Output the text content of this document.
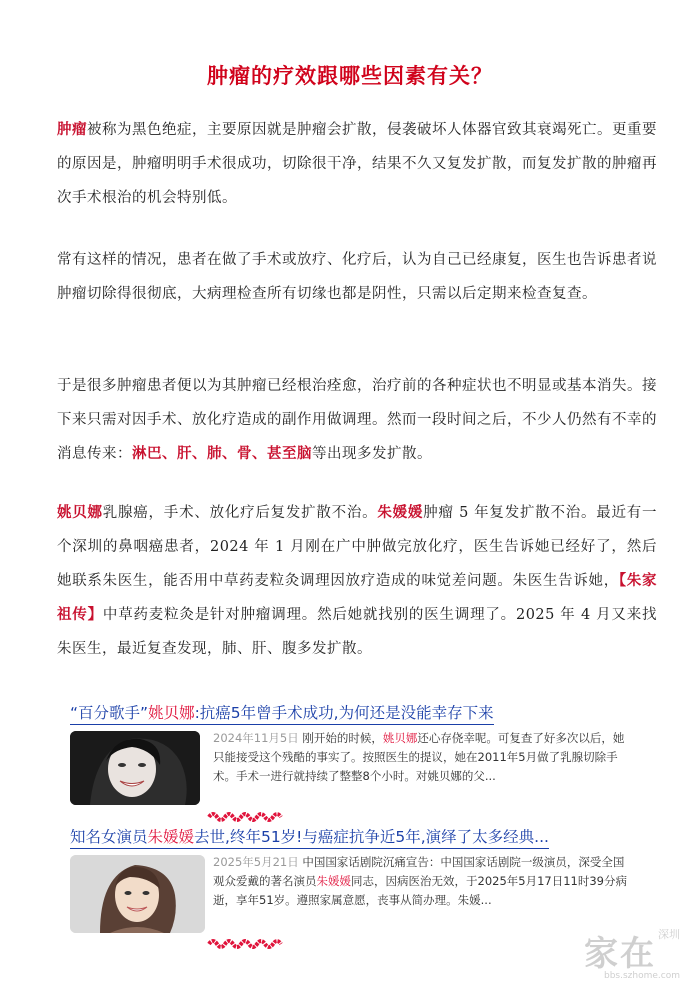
肿瘤的疗效跟哪些因素有关？
肿瘤被称为黑色绝症，主要原因就是肿瘤会扩散，侵袭破坏人体器官致其衰竭死亡。更重要的原因是，肿瘤明明手术很成功，切除很干净，结果不久又复发扩散，而复发扩散的肿瘤再次手术根治的机会特别低。
常有这样的情况，患者在做了手术或放疗、化疗后，认为自己已经康复，医生也告诉患者说肿瘤切除得很彻底，大病理检查所有切缘也都是阴性，只需以后定期来检查复查。
于是很多肿瘤患者便以为其肿瘤已经根治痊愈，治疗前的各种症状也不明显或基本消失。接下来只需对因手术、放化疗造成的副作用做调理。然而一段时间之后，不少人仍然有不幸的消息传来：淋巴、肝、肺、骨、甚至脑等出现多发扩散。
姚贝娜乳腺癌，手术、放化疗后复发扩散不治。朱媛媛肿瘤 5 年复发扩散不治。最近有一个深圳的鼻咽癌患者，2024 年 1 月刚在广中肿做完放化疗，医生告诉她已经好了，然后她联系朱医生，能否用中草药麦粒灸调理因放疗造成的味觉差问题。朱医生告诉她，【朱家祖传】中草药麦粒灸是针对肿瘤调理。然后她就找别的医生调理了。2025 年 4 月又来找朱医生，最近复查发现，肺、肝、腹多发扩散。
“百分歌手”姚贝娜:抗癌5年曾手术成功,为何还是没能幸存下来
2024年11月5日 刚开始的时候，姚贝娜还心存侥幸呢。可复查了好多次以后，她只能接受这个残酷的事实了。按照医生的提议，她在2011年5月做了乳腺切除手术。手术一进行就持续了整整8个小时。对姚贝娜的父...
知名女演员朱媛媛去世,终年51岁!与癌症抗争近5年,演绎了太多经典...
2025年5月21日 中国国家话剧院沉痛宣告：中国国家话剧院一级演员，深受全国观众爱戴的著名演员朱媛媛同志，因病医治无效，于2025年5月17日11时39分病逝，享年51岁。遵照家属意愿，丧事从简办理。朱媛...
家在 深圳
bbs.szhome.com
